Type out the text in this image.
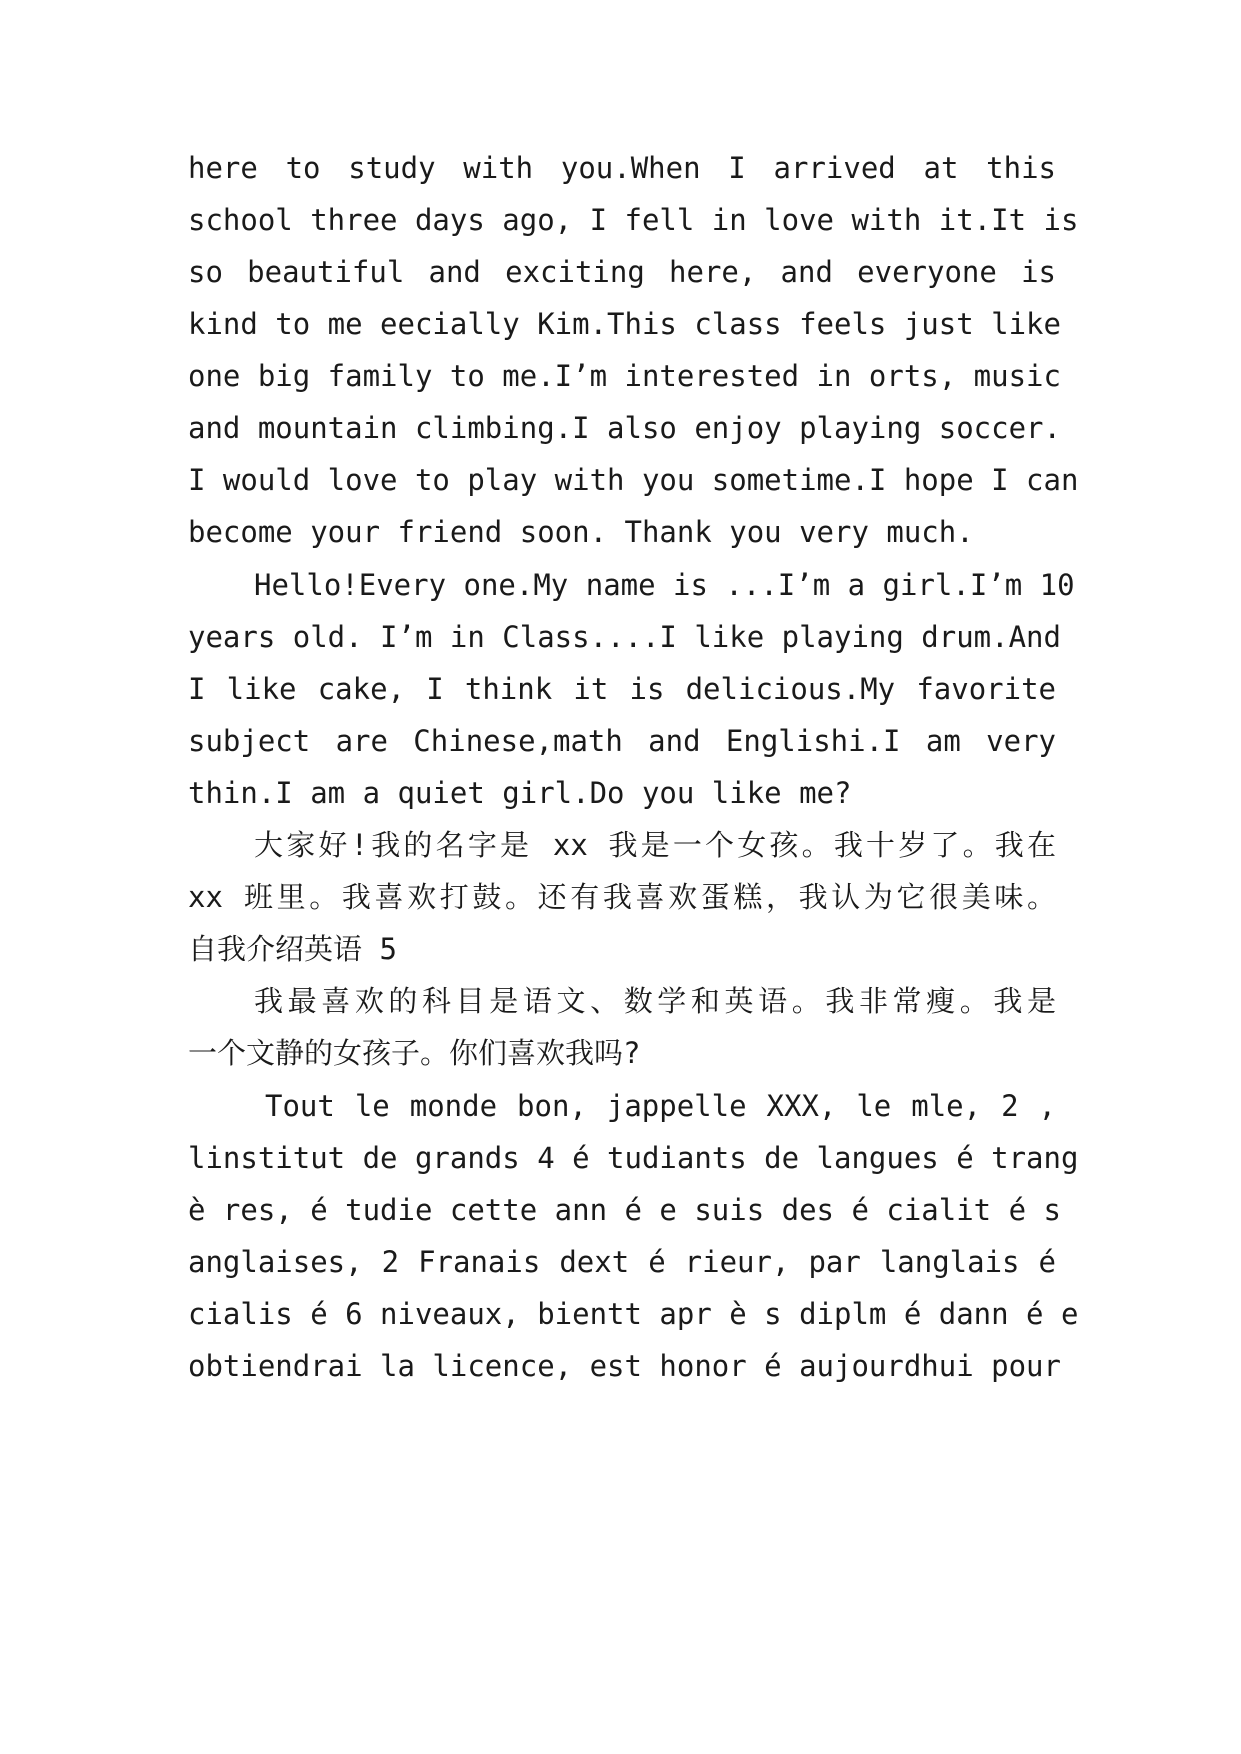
here to study with you.When I arrived at this
school three days ago, I fell in love with it.It is
so beautiful and exciting here, and everyone is
kind to me eecially Kim.This class feels just like
one big family to me.I’m interested in orts, music
and mountain climbing.I also enjoy playing soccer.
I would love to play with you sometime.I hope I can
become your friend soon. Thank you very much.
Hello!Every one.My name is ...I’m a girl.I’m 10
years old. I’m in Class....I like playing drum.And
I like cake, I think it is delicious.My favorite
subject are Chinese,math and Englishi.I am very
thin.I am a quiet girl.Do you like me?
大家好!我的名字是 xx 我是一个女孩。我十岁了。我在
xx 班里。我喜欢打鼓。还有我喜欢蛋糕，我认为它很美味。
自我介绍英语 5
我最喜欢的科目是语文、数学和英语。我非常瘦。我是
一个文静的女孩子。你们喜欢我吗?
Tout le monde bon, jappelle XXX, le mle, 2 ,
linstitut de grands 4 é tudiants de langues é trang
è res, é tudie cette ann é e suis des é cialit é s
anglaises, 2 Franais dext é rieur, par langlais é
cialis é 6 niveaux, bientt apr è s diplm é dann é e
obtiendrai la licence, est honor é aujourdhui pour
